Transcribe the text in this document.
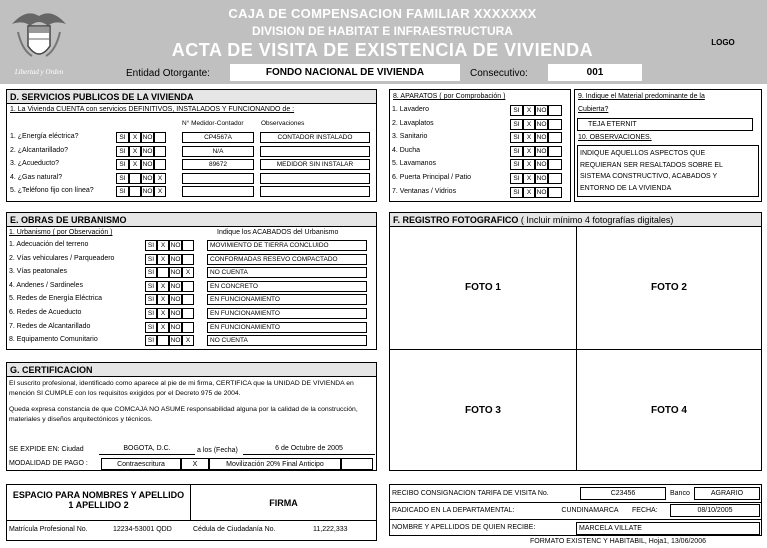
Libertad y Orden
CAJA DE COMPENSACION FAMILIAR XXXXXXX
DIVISION DE HABITAT E INFRAESTRUCTURA
ACTA DE VISITA DE EXISTENCIA DE VIVIENDA	LOGO
Entidad Otorgante:	FONDO NACIONAL DE VIVIENDA	Consecutivo:	001
D. SERVICIOS PUBLICOS DE LA VIVIENDA
1. La Vivienda CUENTA con servicios DEFINITIVOS, INSTALADOS Y FUNCIONANDO de :
N° Medidor-Contador	Observaciones
1. ¿Energía eléctrica?	SI	X NO	CP4567A	CONTADOR INSTALADO
2. ¿Alcantarillado?	SI	X NO	N/A
3. ¿Acueducto?	SI	X NO	89672	MEDIDOR SIN INSTALAR
4. ¿Gas natural?	SI	NO X
5. ¿Teléfono fijo con línea?	SI	NO X
8. APARATOS ( por Comprobación )
1. Lavadero	SI	X NO
2. Lavaplatos	SI	X NO
3. Sanitario	SI	X NO
4. Ducha	SI	X NO
5. Lavamanos	SI	X NO
6. Puerta Principal / Patio	SI	X NO
7. Ventanas / Vidrios	SI	X NO
9. Indique el Material predominante de la
Cubierta?
TEJA ETERNIT
10. OBSERVACIONES.
INDIQUE AQUELLOS ASPECTOS QUE
REQUIERAN SER RESALTADOS SOBRE EL
SISTEMA CONSTRUCTIVO, ACABADOS Y
ENTORNO DE LA VIVIENDA
E. OBRAS DE URBANISMO
1. Urbanismo ( por Observación )	Indique los ACABADOS del Urbanismo
1. Adecuación del terreno	SI	X NO	MOVIMIENTO DE TIERRA CONCLUIDO
2. Vías vehiculares / Parqueadero	SI	X NO	CONFORMADAS RESEVO COMPACTADO
3. Vías peatonales	SI	NO X	NO CUENTA
4. Andenes / Sardineles	SI	X NO	EN CONCRETO
5. Redes de Energía Eléctrica	SI	X NO	EN FUNCIONAMIENTO
6. Redes de Acueducto	SI	X NO	EN FUNCIONAMIENTO
7. Redes de Alcantarillado	SI	X NO	EN FUNCIONAMIENTO
8. Equipamento Comunitario	SI	NO X	NO CUENTA
F. REGISTRO FOTOGRAFICO ( Incluir mínimo 4 fotografías digitales)
FOTO 1	FOTO 2
FOTO 3	FOTO 4
G. CERTIFICACION
El suscrito profesional, identificado como aparece al pie de mi firma, CERTIFICA que la UNIDAD DE VIVIENDA en mención SI CUMPLE con los requisitos exigidos por el Decreto 975 de 2004.
Queda expresa constancia de que COMCAJA NO ASUME responsabilidad alguna por la calidad de la construcción, materiales y diseños arquitectónicos y técnicos.
SE EXPIDE EN: Ciudad	BOGOTA, D.C.	a los (Fecha)	6 de Octubre de 2005
MODALIDAD DE PAGO :	Contraescritura	X	Movilización 20% Final Anticipo
ESPACIO PARA NOMBRES Y APELLIDO
1 APELLIDO 2	FIRMA
Matrícula Profesional No.	12234-53001 QDD	Cédula de Ciudadanía No.	11,222,333
RECIBO CONSIGNACION TARIFA DE VISITA No.	C23456	Banco	AGRARIO
RADICADO EN LA DEPARTAMENTAL:	CUNDINAMARCA	FECHA:	08/10/2005
NOMBRE Y APELLIDOS DE QUIEN RECIBE:	MARCELA VILLATE
FORMATO EXISTENC Y HABITABIL, Hoja1, 13/06/2006
